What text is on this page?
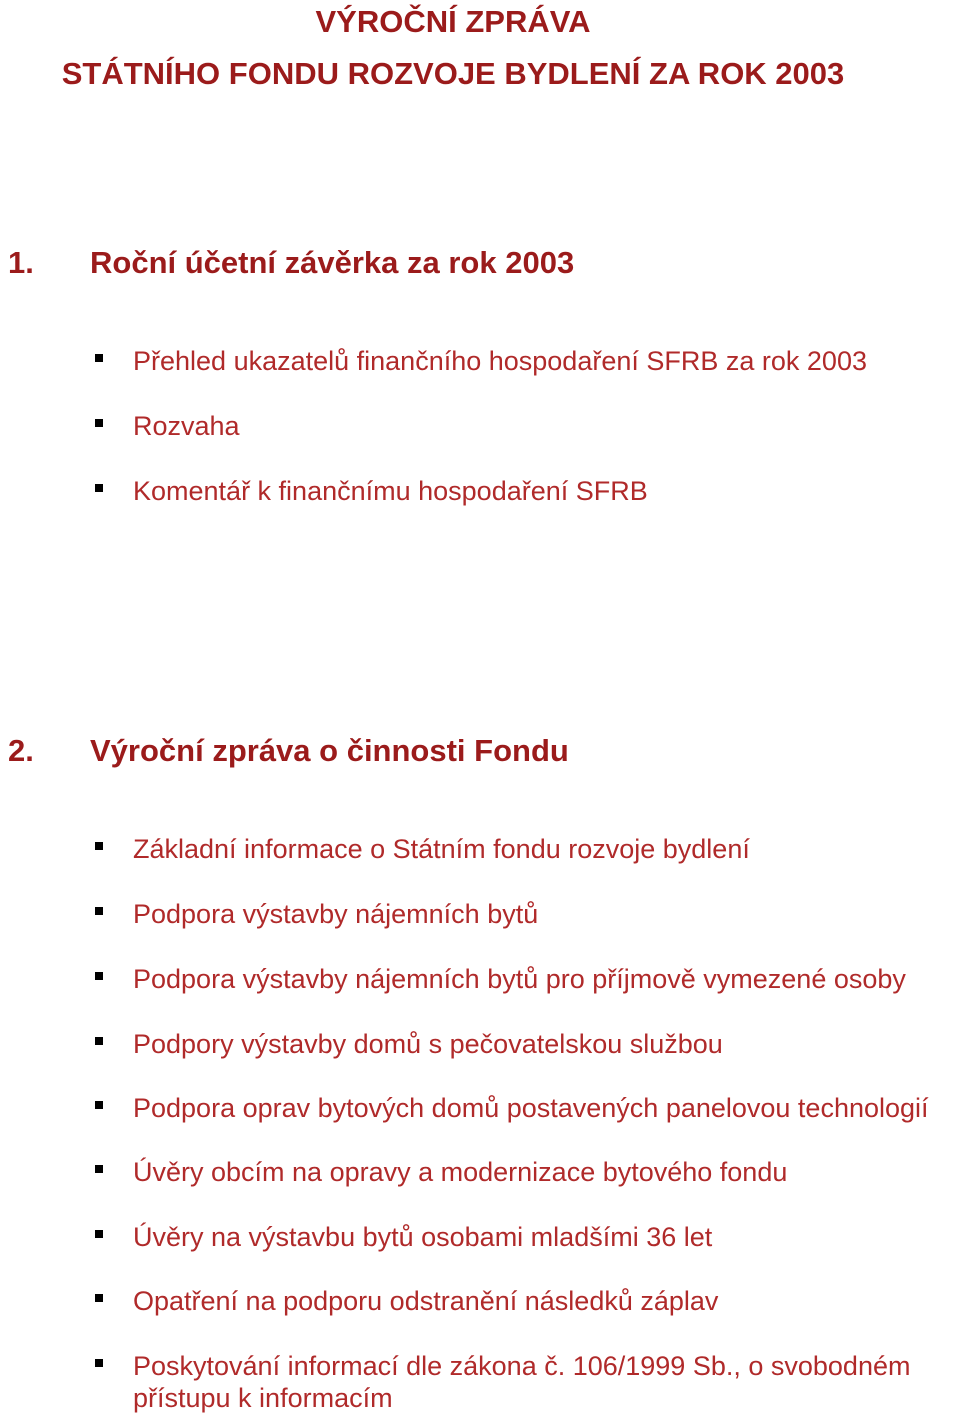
VÝROČNÍ ZPRÁVA
STÁTNÍHO FONDU ROZVOJE BYDLENÍ ZA ROK 2003
1. Roční účetní závěrka za rok 2003
Přehled ukazatelů finančního hospodaření SFRB za rok 2003
Rozvaha
Komentář k finančnímu hospodaření SFRB
2. Výroční zpráva o činnosti Fondu
Základní informace o Státním fondu rozvoje bydlení
Podpora výstavby nájemních bytů
Podpora výstavby nájemních bytů pro příjmově vymezené osoby
Podpory výstavby domů s pečovatelskou službou
Podpora oprav bytových domů postavených panelovou technologií
Úvěry obcím na opravy a modernizace bytového fondu
Úvěry na výstavbu bytů osobami mladšími 36 let
Opatření na podporu odstranění následků záplav
Poskytování informací dle zákona č. 106/1999 Sb., o svobodném přístupu k informacím
